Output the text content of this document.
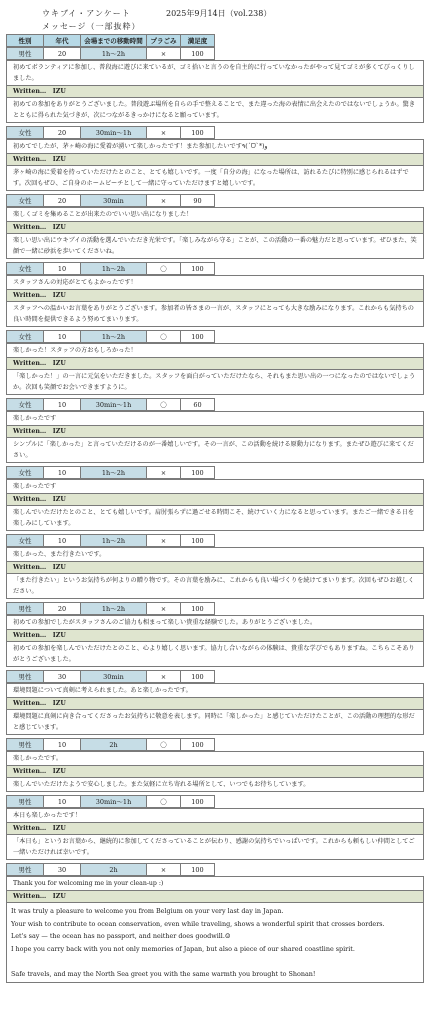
ウキブイ・アンケート	2025年9月14日（vol.238）
メッセージ（一部抜粋）
性別	年代	会場までの移動時間	プラごみ	満足度
男性	20	1h～2h	×	100
初めてボランティアに参加し、普段海に遊びに来ているが、ゴミ拾いと言うのを自主的に行っていなかったがやって見てゴミが多くてびっくりしました。
Written… IZU
初めての参加をありがとうございました。普段遊ぶ場所を自らの手で整えることで、また違った海の表情に出会えたのではないでしょうか。驚きとともに得られた気づきが、次につながるきっかけになると願っています。
女性	20	30min～1h	×	100
初めてでしたが、茅ヶ崎の海に愛着が湧いて楽しかったです！また参加したいです٩(ˊᗜˋ*)و
Written… IZU
茅ヶ崎の海に愛着を持っていただけたとのこと、とても嬉しいです。一度「自分の海」になった場所は、訪れるたびに特別に感じられるはずです。次回もぜひ、ご自身のホームビーチとして一緒に守っていただけますと嬉しいです。
女性	20	30min	×	90
楽しくゴミを集めることが出来たのでいい思い出になりました！
Written… IZU
楽しい思い出にウキブイの活動を選んでいただき光栄です。「楽しみながら守る」ことが、この活動の一番の魅力だと思っています。ぜひまた、笑顔で一緒に砂浜を歩いてくださいね。
女性	10	1h～2h	〇	100
スタッフさんの対応がとてもよかったです！
Written… IZU
スタッフへの温かいお言葉をありがとうございます。参加者の皆さまの一言が、スタッフにとっても大きな励みになります。これからも気持ちの良い時間を提供できるよう努めてまいります。
女性	10	1h～2h	〇	100
楽しかった！スタッフの方おもしろかった！
Written… IZU
「楽しかった！」の一言に元気をいただきました。スタッフを面白がっていただけたなら、それもまた思い出の一つになったのではないでしょうか。次回も笑顔でお会いできますように。
女性	10	30min～1h	〇	60
楽しかったです
Written… IZU
シンプルに「楽しかった」と言っていただけるのが一番嬉しいです。その一言が、この活動を続ける原動力になります。またぜひ遊びに来てください。
女性	10	1h～2h	×	100
楽しかったです
Written… IZU
楽しんでいただけたとのこと、とても嬉しいです。肩肘張らずに過ごせる時間こそ、続けていく力になると思っています。またご一緒できる日を楽しみにしています。
女性	10	1h～2h	×	100
楽しかった、また行きたいです。
Written… IZU
「また行きたい」というお気持ちが何よりの贈り物です。その言葉を励みに、これからも良い場づくりを続けてまいります。次回もぜひお越しください。
男性	20	1h～2h	×	100
初めての参加でしたがスタッフさんのご協力も相まって楽しい貴重な経験でした。ありがとうございました。
Written… IZU
初めての参加を楽しんでいただけたとのこと、心より嬉しく思います。協力し合いながらの体験は、貴重な学びでもありますね。こちらこそありがとうございました。
男性	30	30min	×	100
環境問題について真剣に考えられました。あと楽しかったです。
Written… IZU
環境問題に真剣に向き合ってくださったお気持ちに敬意を表します。同時に「楽しかった」と感じていただけたことが、この活動の理想的な形だと感じています。
男性	10	2h	〇	100
楽しかったです。
Written… IZU
楽しんでいただけたようで安心しました。また気軽に立ち寄れる場所として、いつでもお待ちしています。
男性	10	30min～1h	〇	100
本日も楽しかったです！
Written… IZU
「本日も」というお言葉から、継続的に参加してくださっていることが伝わり、感謝の気持ちでいっぱいです。これからも頼もしい仲間としてご一緒いただければ幸いです。
男性	30	2h	×	100
Thank you for welcoming me in your clean-up :)
Written… IZU
It was truly a pleasure to welcome you from Belgium on your very last day in Japan.
Your wish to contribute to ocean conservation, even while traveling, shows a wonderful spirit that crosses borders.
Let's say — the ocean has no passport, and neither does goodwill.☺
I hope you carry back with you not only memories of Japan, but also a piece of our shared coastline spirit.
Safe travels, and may the North Sea greet you with the same warmth you brought to Shonan!
